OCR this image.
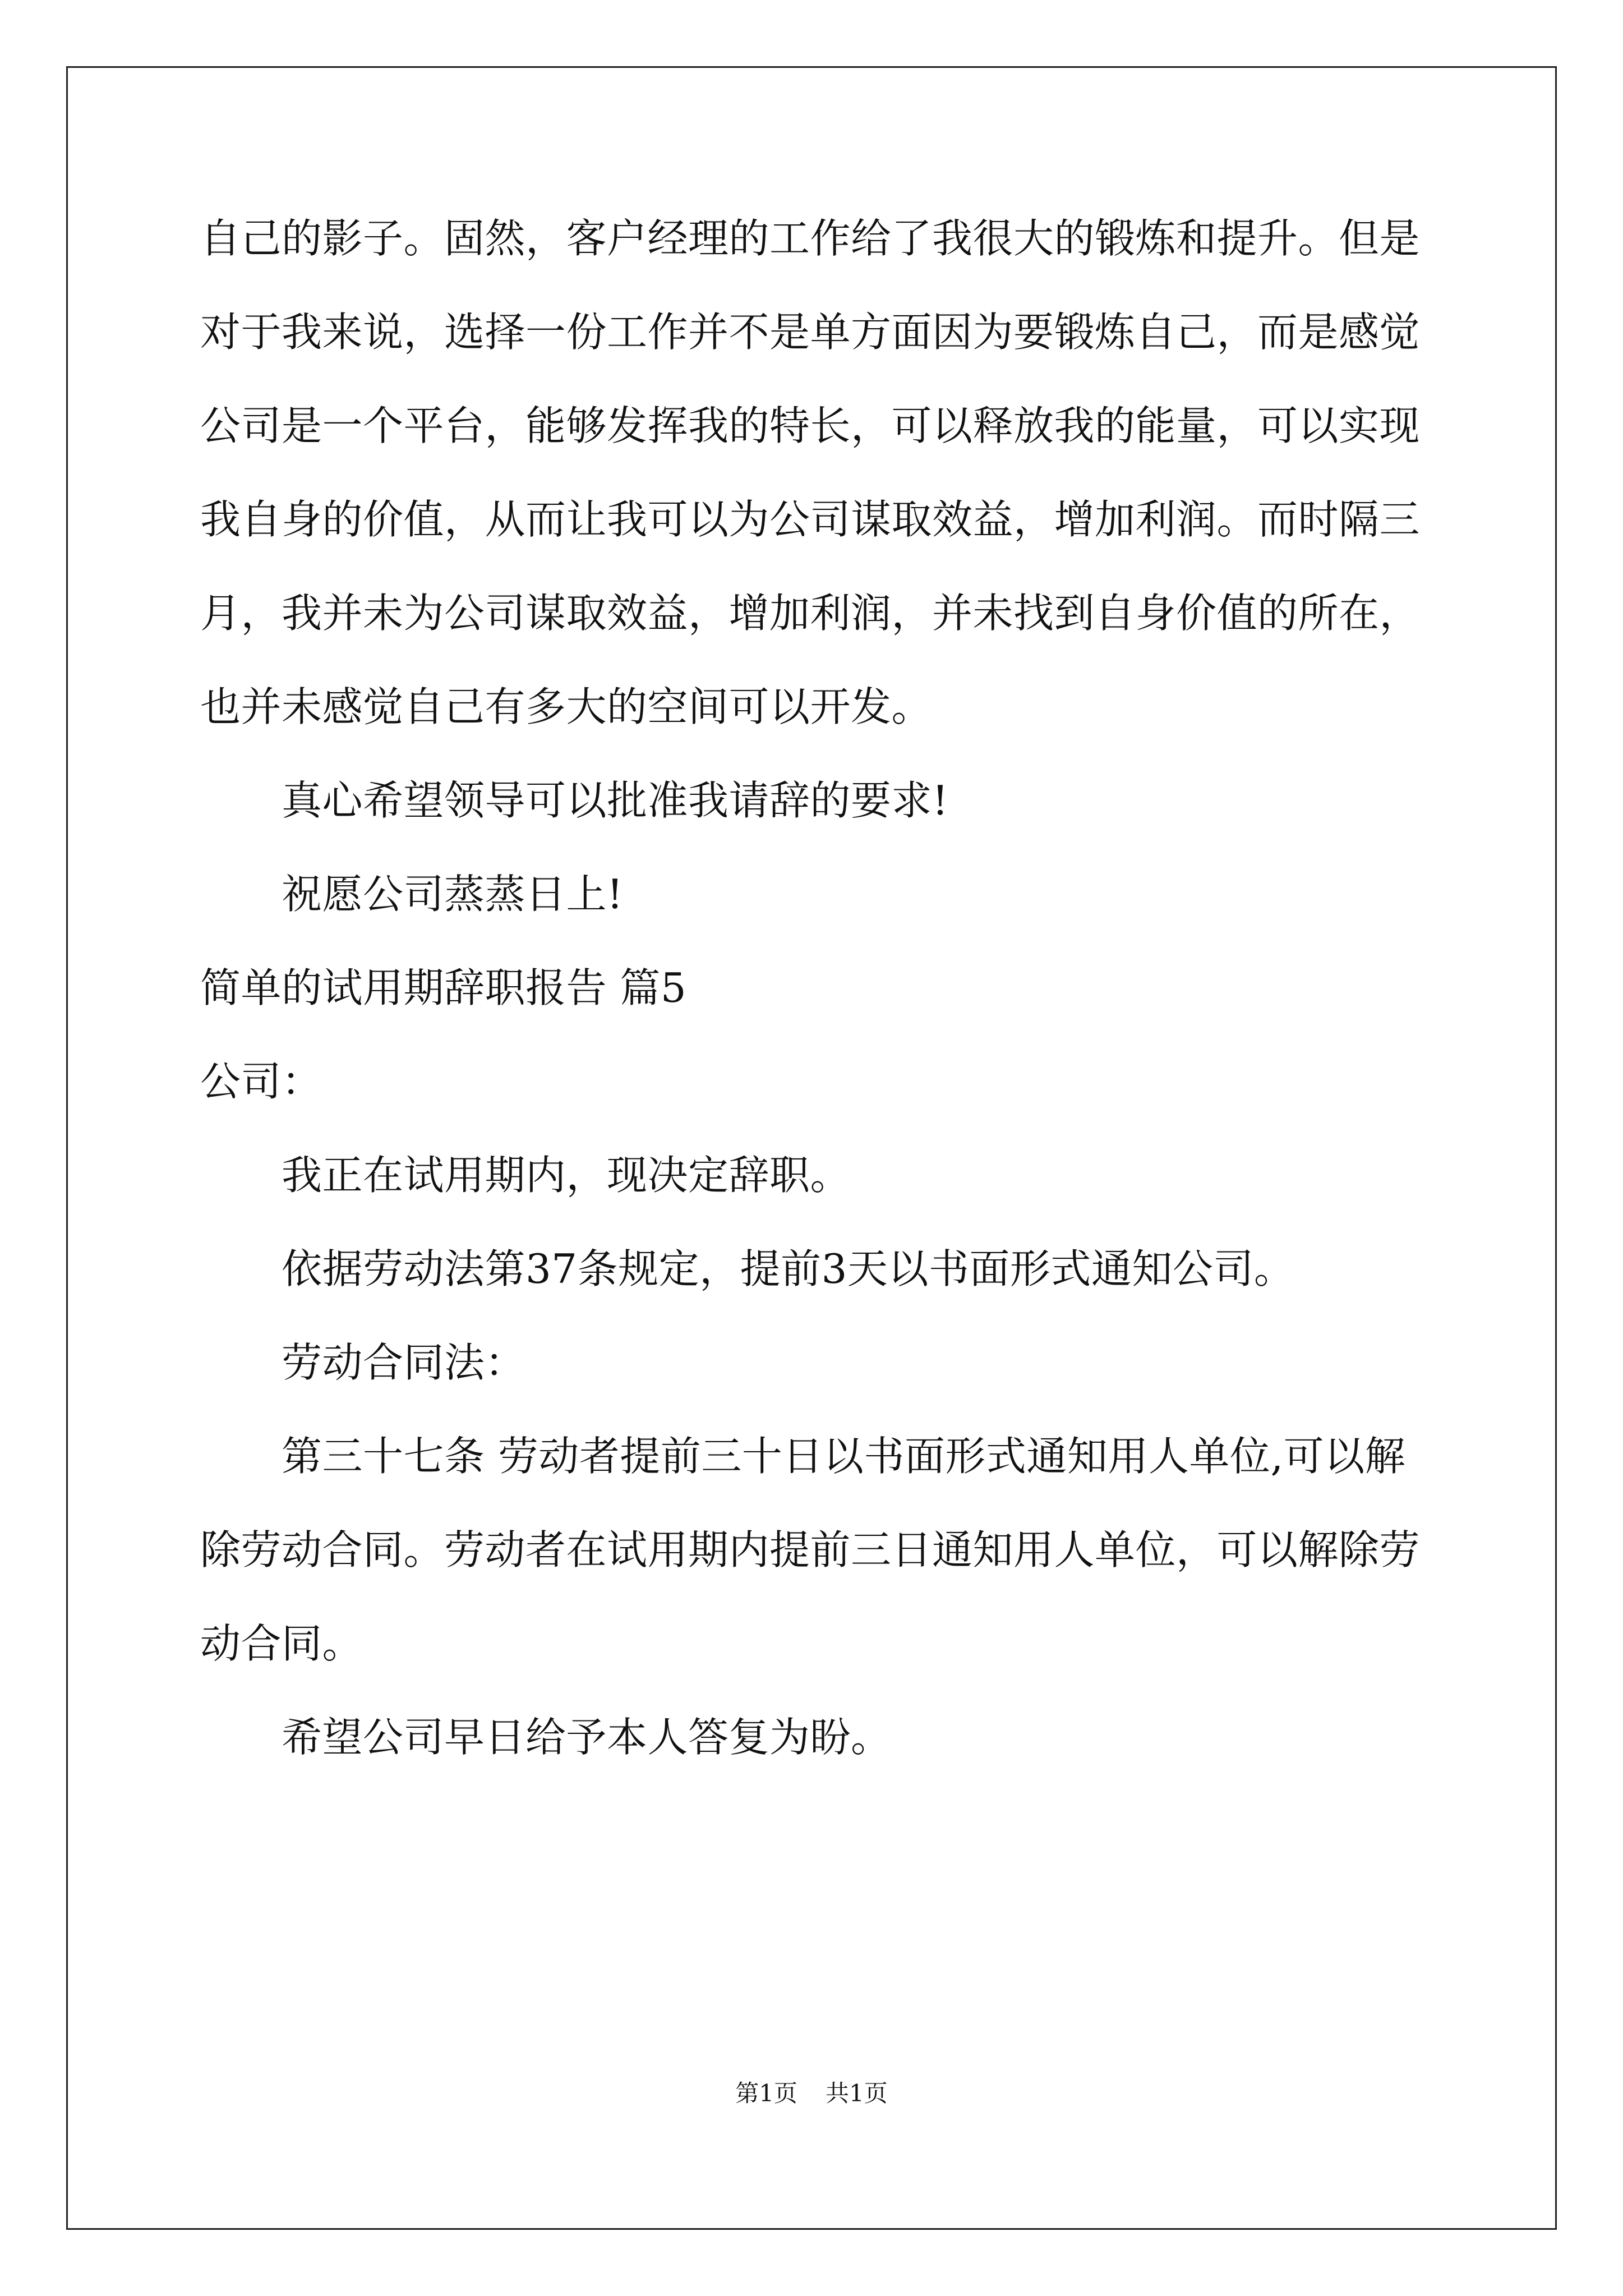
自己的影子。固然，客户经理的工作给了我很大的锻炼和提升。但是
对于我来说，选择一份工作并不是单方面因为要锻炼自己，而是感觉
公司是一个平台，能够发挥我的特长，可以释放我的能量，可以实现
我自身的价值，从而让我可以为公司谋取效益，增加利润。而时隔三
月，我并未为公司谋取效益，增加利润，并未找到自身价值的所在，
也并未感觉自己有多大的空间可以开发。
真心希望领导可以批准我请辞的要求!
祝愿公司蒸蒸日上!
简单的试用期辞职报告 篇5
公司：
我正在试用期内，现决定辞职。
依据劳动法第37条规定，提前3天以书面形式通知公司。
劳动合同法：
第三十七条 劳动者提前三十日以书面形式通知用人单位,可以解
除劳动合同。劳动者在试用期内提前三日通知用人单位，可以解除劳
动合同。
希望公司早日给予本人答复为盼。
第1页 共1页
